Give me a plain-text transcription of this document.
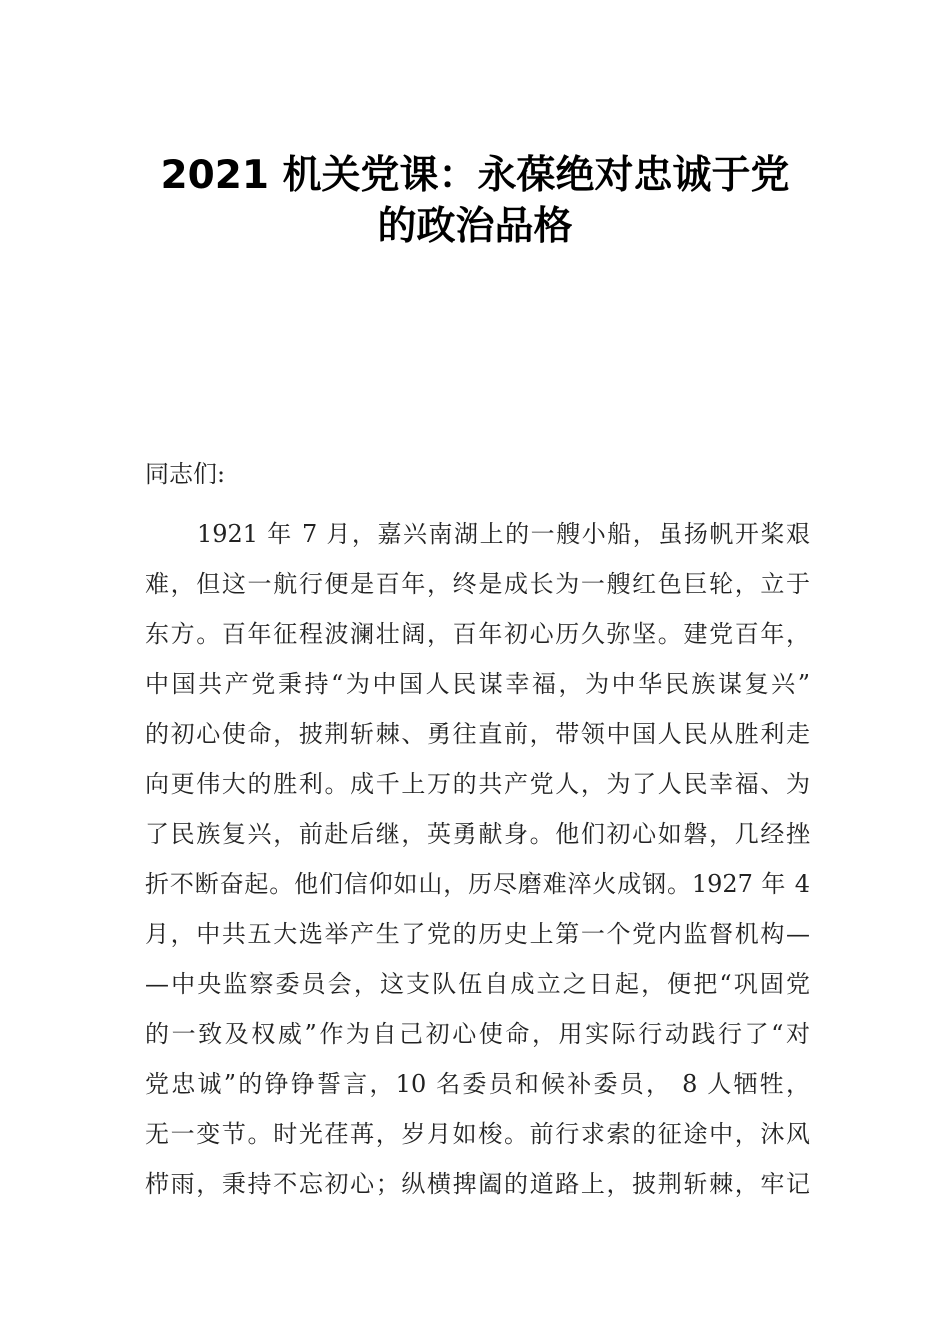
2021 机关党课：永葆绝对忠诚于党
的政治品格
同志们:
1921 年 7 月，嘉兴南湖上的一艘小船，虽扬帆开桨艰
难，但这一航行便是百年，终是成长为一艘红色巨轮，立于
东方。百年征程波澜壮阔，百年初心历久弥坚。建党百年，
中国共产党秉持“为中国人民谋幸福，为中华民族谋复兴”
的初心使命，披荆斩棘、勇往直前，带领中国人民从胜利走
向更伟大的胜利。成千上万的共产党人，为了人民幸福、为
了民族复兴，前赴后继，英勇献身。他们初心如磐，几经挫
折不断奋起。他们信仰如山，历尽磨难淬火成钢。1927 年 4
月，中共五大选举产生了党的历史上第一个党内监督机构—
—中央监察委员会，这支队伍自成立之日起，便把“巩固党
的一致及权威”作为自己初心使命，用实际行动践行了“对
党忠诚”的铮铮誓言，10 名委员和候补委员， 8 人牺牲，
无一变节。时光荏苒，岁月如梭。前行求索的征途中，沐风
栉雨，秉持不忘初心；纵横捭阖的道路上，披荆斩棘，牢记
